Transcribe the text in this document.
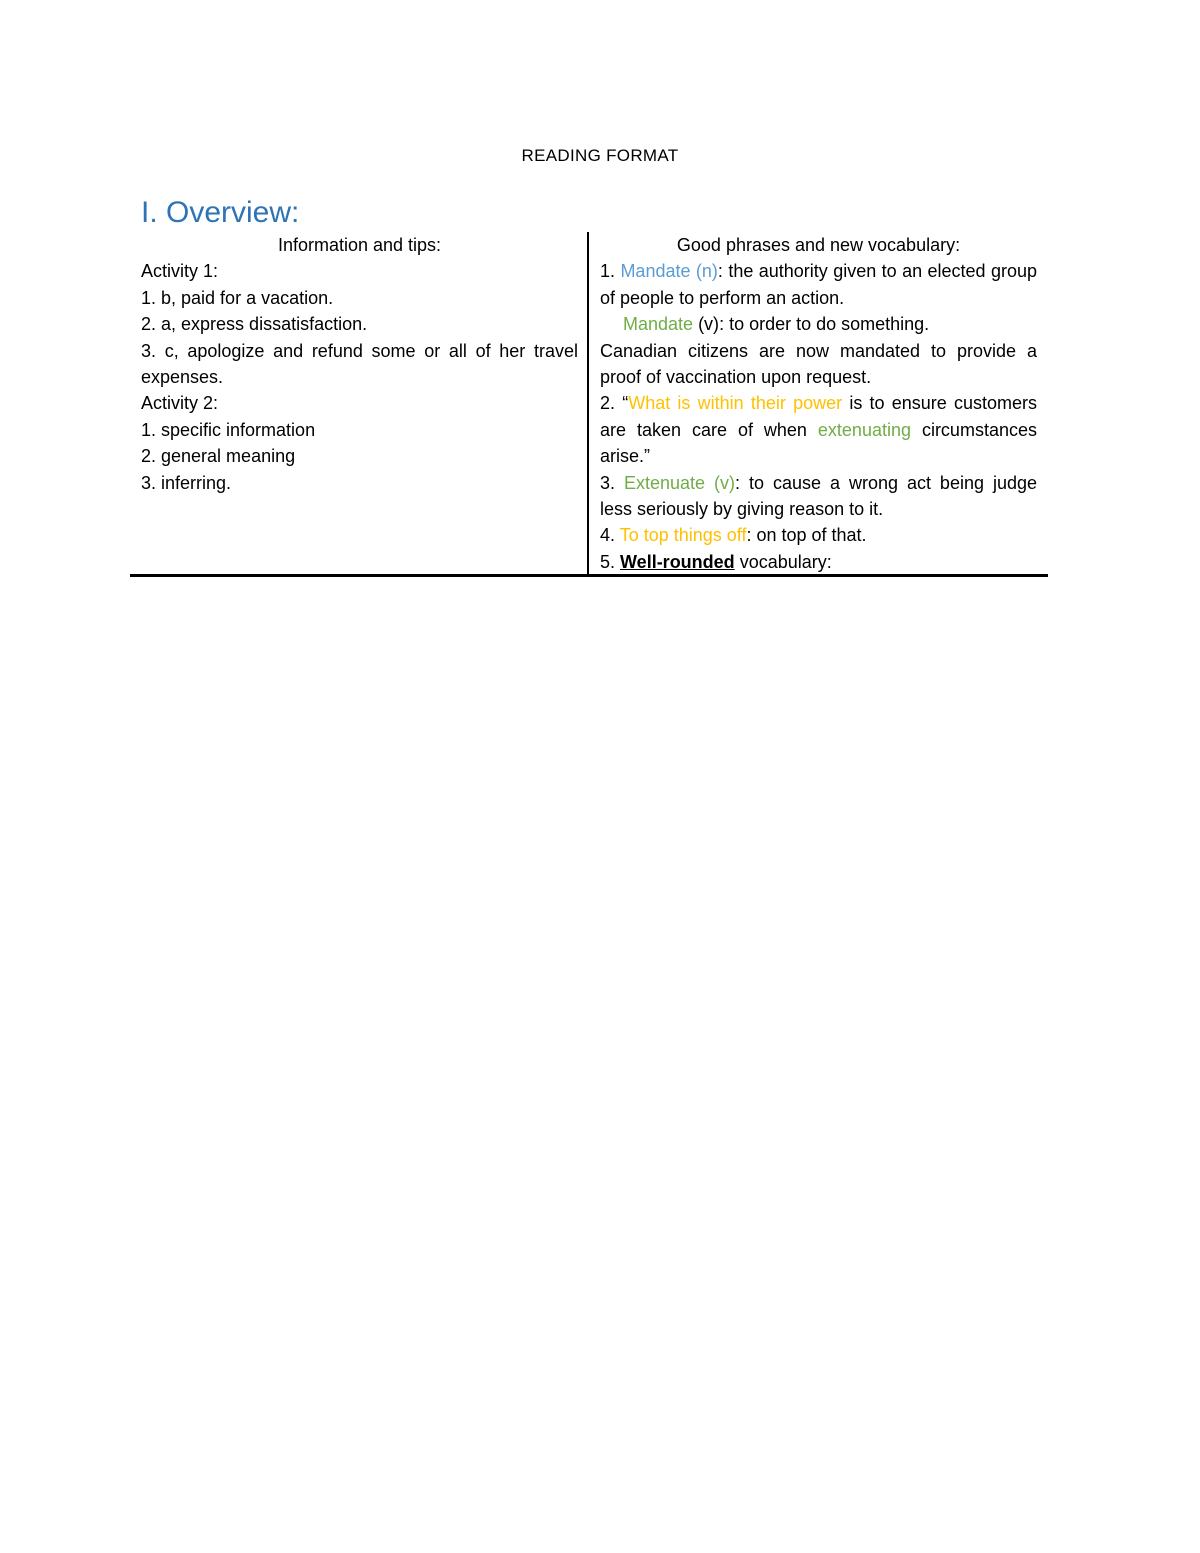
READING FORMAT
I. Overview:
Information and tips:
Activity 1:
1. b, paid for a vacation.
2. a, express dissatisfaction.
3. c, apologize and refund some or all of her travel expenses.
Activity 2:
1. specific information
2. general meaning
3. inferring.
Good phrases and new vocabulary:
1. Mandate (n): the authority given to an elected group of people to perform an action.
Mandate (v): to order to do something.
Canadian citizens are now mandated to provide a proof of vaccination upon request.
2. “What is within their power is to ensure customers are taken care of when extenuating circumstances arise.”
3. Extenuate (v): to cause a wrong act being judge less seriously by giving reason to it.
4. To top things off: on top of that.
5. Well-rounded vocabulary:
